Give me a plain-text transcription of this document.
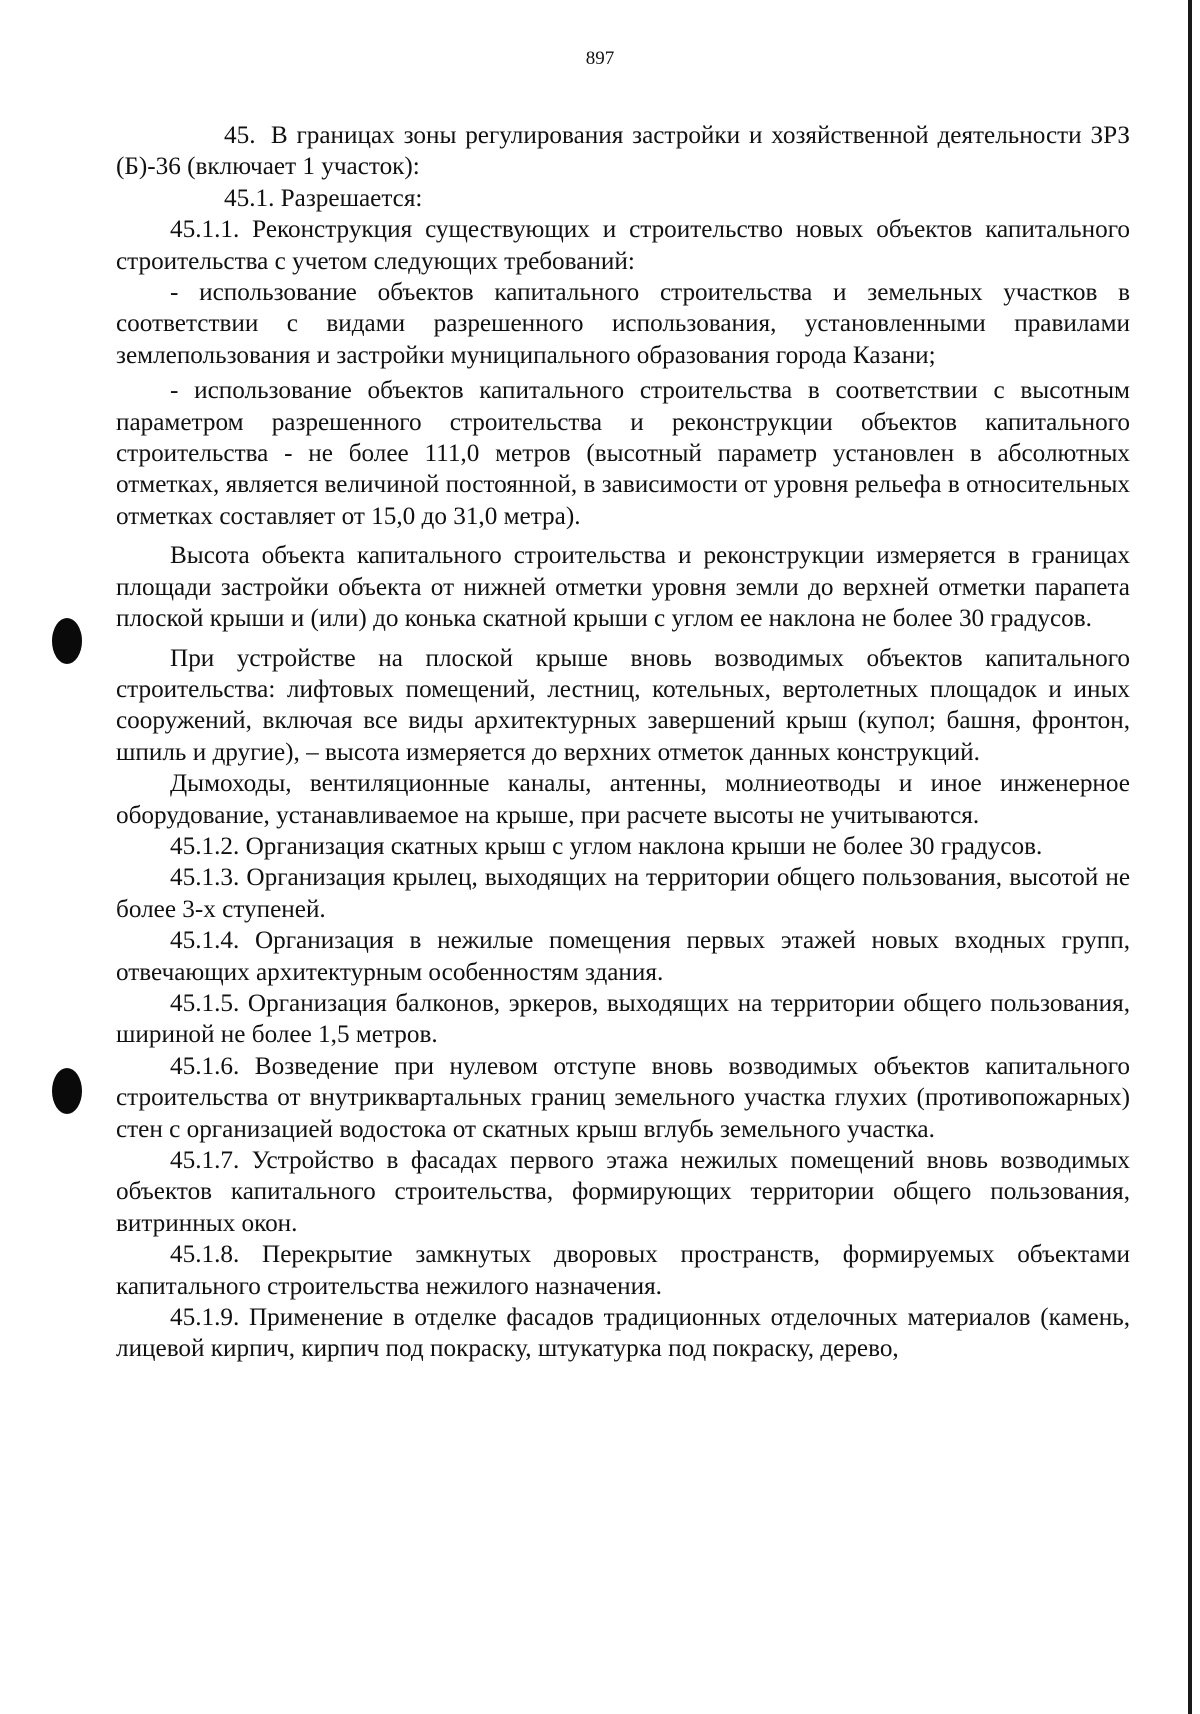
897

45. В границах зоны регулирования застройки и хозяйственной деятельности ЗРЗ (Б)-36 (включает 1 участок):

45.1. Разрешается:

45.1.1. Реконструкция существующих и строительство новых объектов капитального строительства с учетом следующих требований:

- использование объектов капитального строительства и земельных участков в соответствии с видами разрешенного использования, установленными правилами землепользования и застройки муниципального образования города Казани;

- использование объектов капитального строительства в соответствии с высотным параметром разрешенного строительства и реконструкции объектов капитального строительства - не более 111,0 метров (высотный параметр установлен в абсолютных отметках, является величиной постоянной, в зависимости от уровня рельефа в относительных отметках составляет от 15,0 до 31,0 метра).

Высота объекта капитального строительства и реконструкции измеряется в границах площади застройки объекта от нижней отметки уровня земли до верхней отметки парапета плоской крыши и (или) до конька скатной крыши с углом ее наклона не более 30 градусов.

При устройстве на плоской крыше вновь возводимых объектов капитального строительства: лифтовых помещений, лестниц, котельных, вертолетных площадок и иных сооружений, включая все виды архитектурных завершений крыш (купол; башня, фронтон, шпиль и другие), – высота измеряется до верхних отметок данных конструкций.

Дымоходы, вентиляционные каналы, антенны, молниеотводы и иное инженерное оборудование, устанавливаемое на крыше, при расчете высоты не учитываются.

45.1.2. Организация скатных крыш с углом наклона крыши не более 30 градусов.

45.1.3. Организация крылец, выходящих на территории общего пользования, высотой не более 3-х ступеней.

45.1.4. Организация в нежилые помещения первых этажей новых входных групп, отвечающих архитектурным особенностям здания.

45.1.5. Организация балконов, эркеров, выходящих на территории общего пользования, шириной не более 1,5 метров.

45.1.6. Возведение при нулевом отступе вновь возводимых объектов капитального строительства от внутриквартальных границ земельного участка глухих (противопожарных) стен с организацией водостока от скатных крыш вглубь земельного участка.

45.1.7. Устройство в фасадах первого этажа нежилых помещений вновь возводимых объектов капитального строительства, формирующих территории общего пользования, витринных окон.

45.1.8. Перекрытие замкнутых дворовых пространств, формируемых объектами капитального строительства нежилого назначения.

45.1.9. Применение в отделке фасадов традиционных отделочных материалов (камень, лицевой кирпич, кирпич под покраску, штукатурка под покраску, дерево,
